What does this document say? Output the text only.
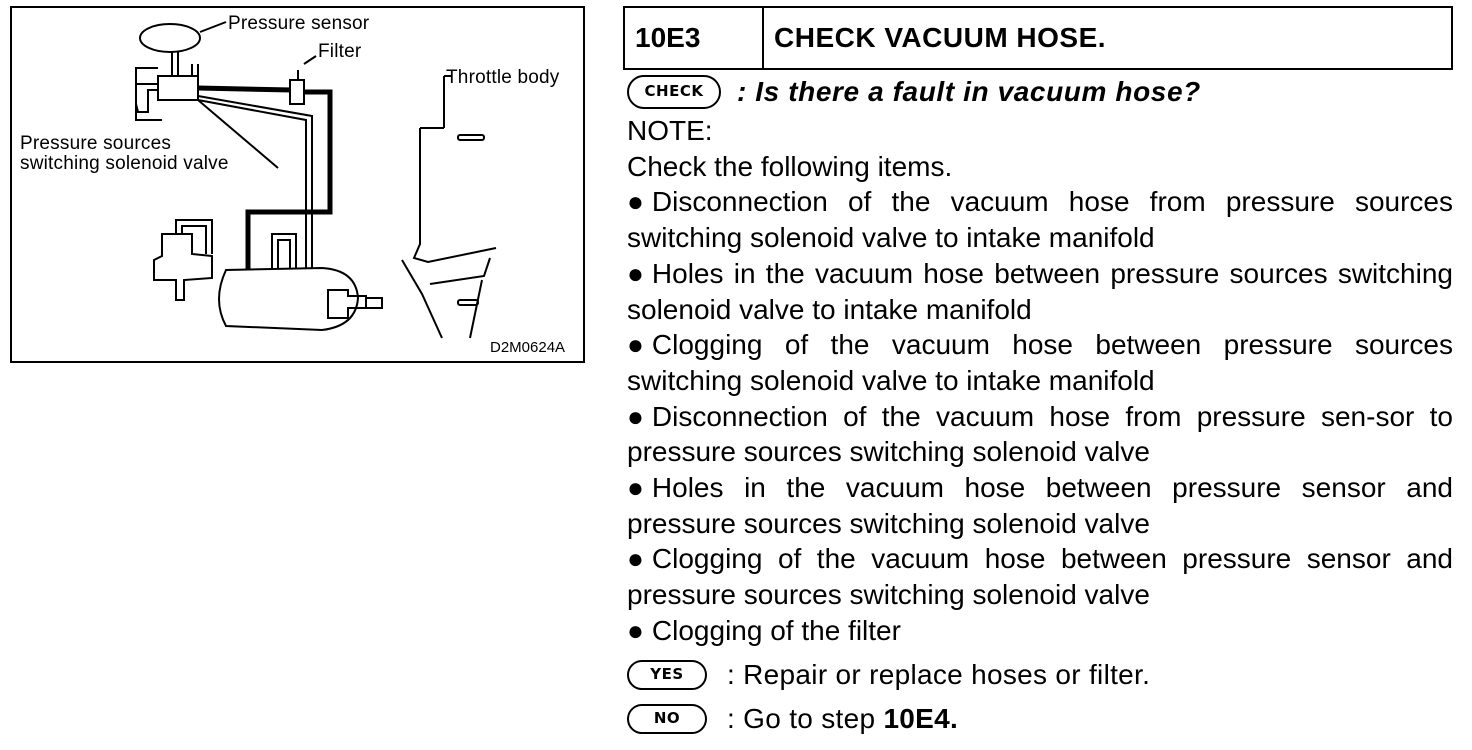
Pressure sensor
Filter
Throttle body
Pressure sources
switching solenoid valve
D2M0624A
10E3	CHECK VACUUM HOSE.
CHECK	: Is there a fault in vacuum hose?
NOTE:
Check the following items.
● Disconnection of the vacuum hose from pressure sources switching solenoid valve to intake manifold
● Holes in the vacuum hose between pressure sources switching solenoid valve to intake manifold
● Clogging of the vacuum hose between pressure sources switching solenoid valve to intake manifold
● Disconnection of the vacuum hose from pressure sen-sor to pressure sources switching solenoid valve
● Holes in the vacuum hose between pressure sensor and pressure sources switching solenoid valve
● Clogging of the vacuum hose between pressure sensor and pressure sources switching solenoid valve
● Clogging of the filter
YES	: Repair or replace hoses or filter.
NO	: Go to step 10E4.
